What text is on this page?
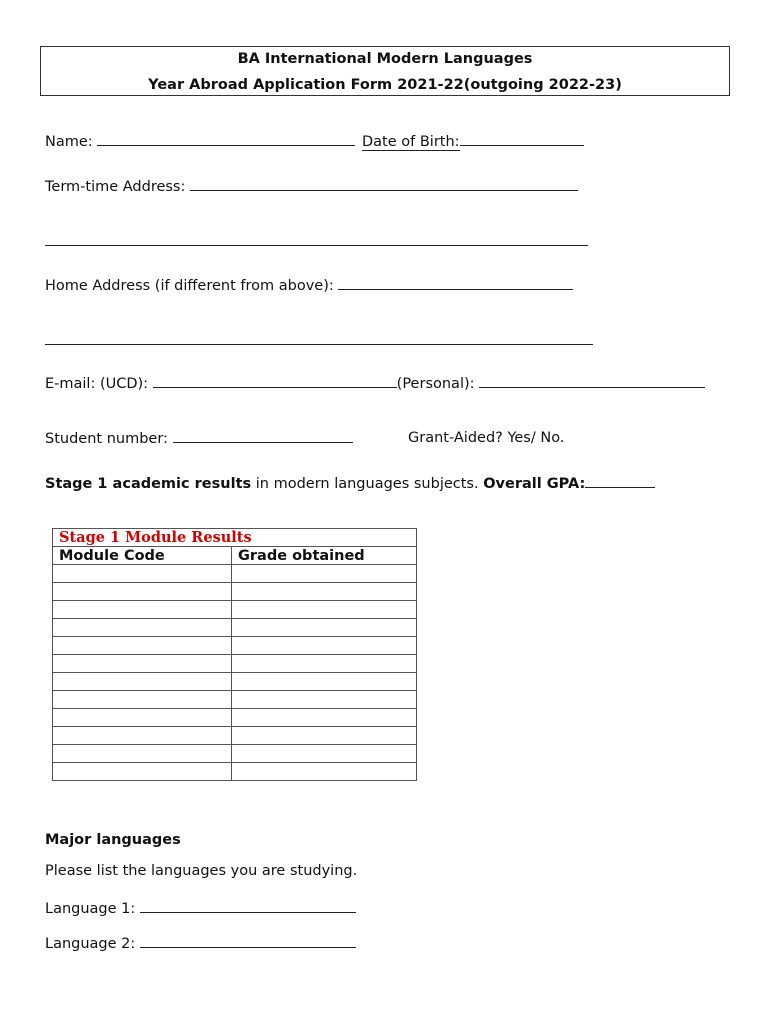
BA International Modern Languages
Year Abroad Application Form 2021-22(outgoing 2022-23)
Name:	Date of Birth:
Term-time Address:
Home Address (if different from above):
E-mail: (UCD):	(Personal):
Student number:	Grant-Aided? Yes/ No.
Stage 1 academic results in modern languages subjects. Overall GPA:
Stage 1 Module Results	
Module Code	Grade obtained

Major languages
Please list the languages you are studying.
Language 1:
Language 2:
